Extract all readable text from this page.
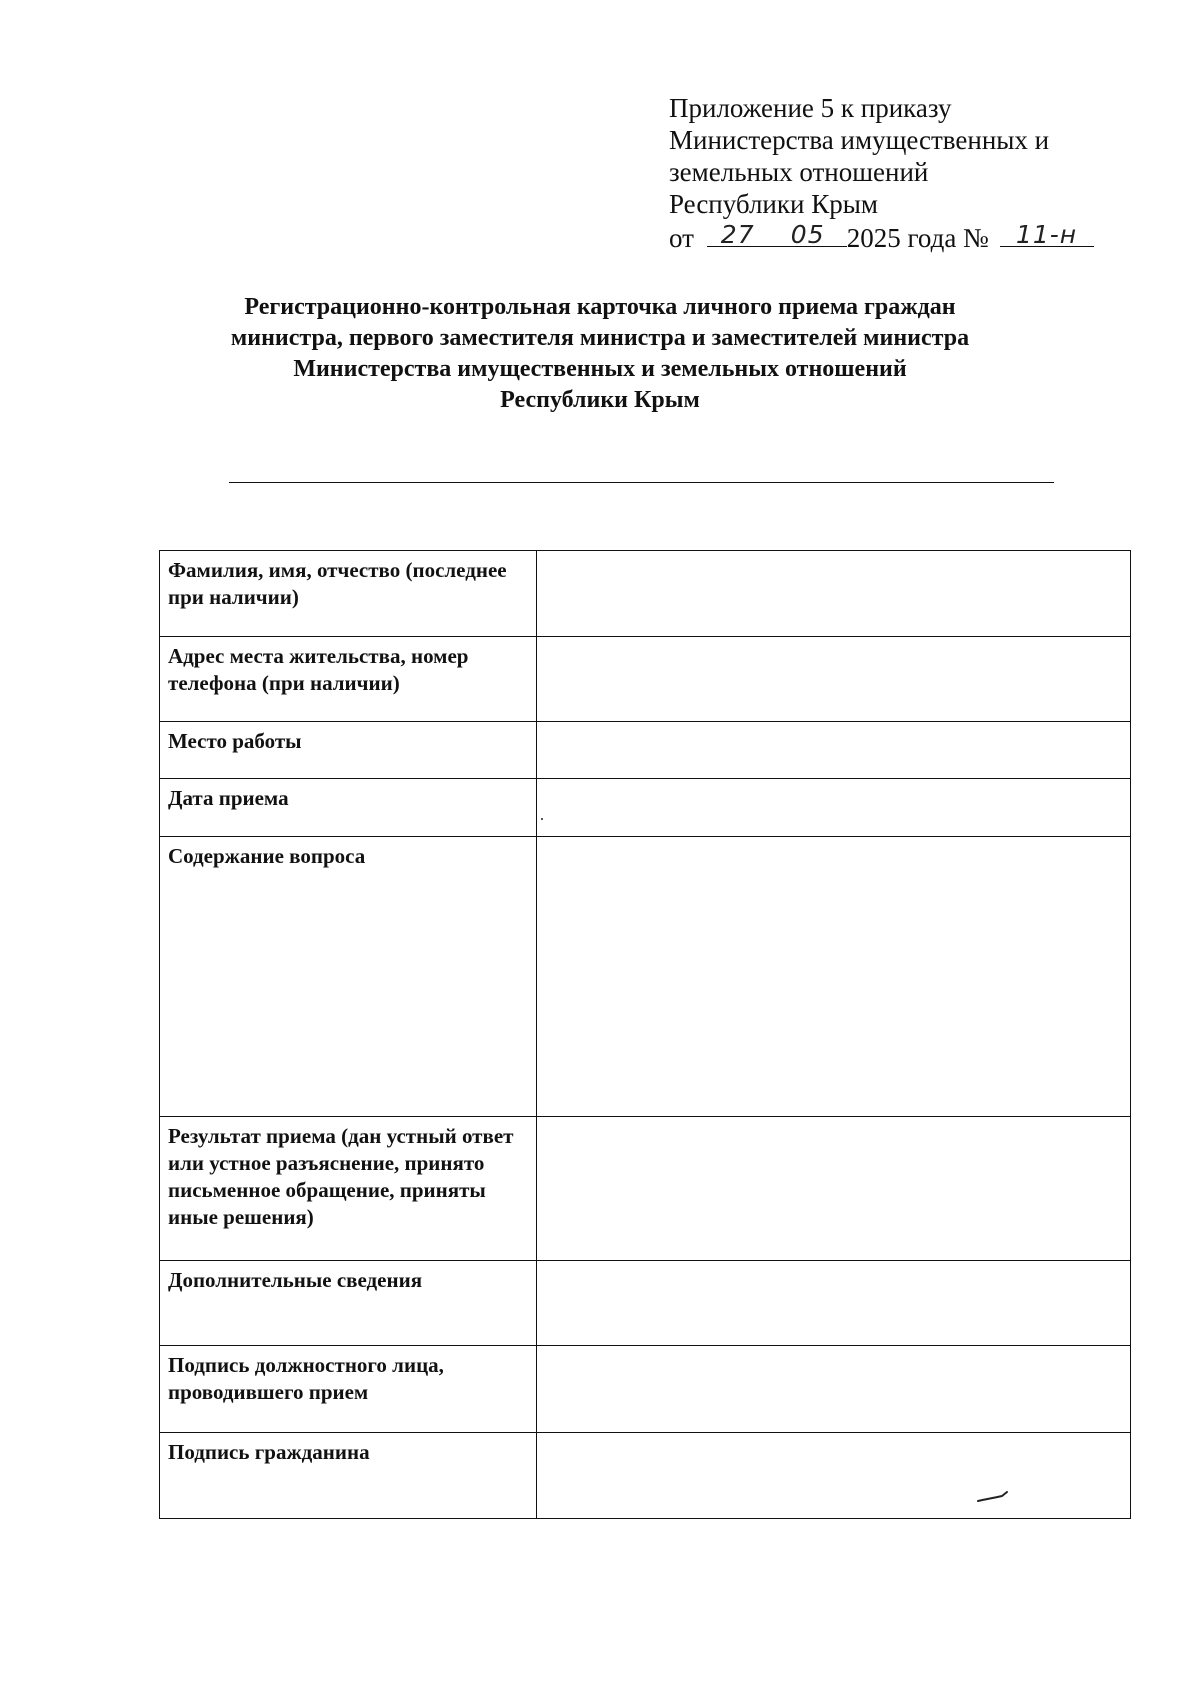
Приложение 5 к приказу
Министерства имущественных и
земельных отношений
Республики Крым
от	27	05 2025 года №	11-н
Регистрационно-контрольная карточка личного приема граждан
министра, первого заместителя министра и заместителей министра
Министерства имущественных и земельных отношений
Республики Крым
Фамилия, имя, отчество (последнее при наличии)	
Адрес места жительства, номер телефона (при наличии)	
Место работы	
Дата приема	

Содержание вопроса	
Результат приема (дан устный ответ или устное разъяснение, принято письменное обращение, приняты иные решения)	
Дополнительные сведения	
Подпись должностного лица, проводившего прием	
Подпись гражданина	
